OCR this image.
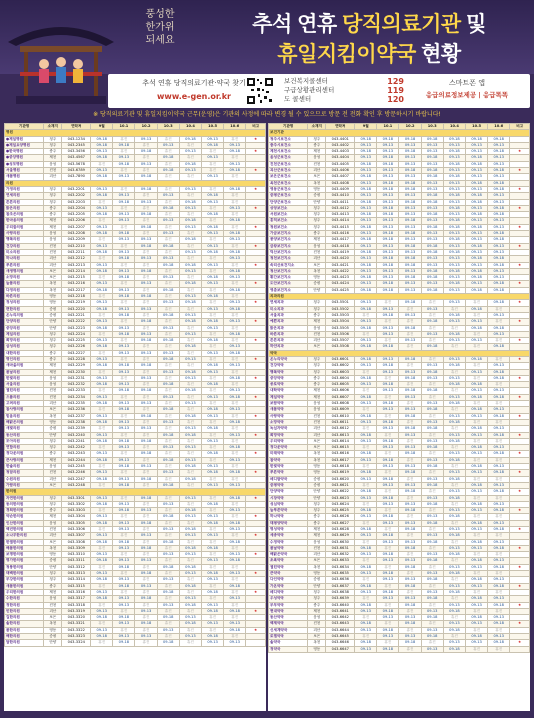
풍성한
한가위
되세요
추석 연휴 당직의료기관 및
휴일지킴이약국 현황
추석 연휴 당직의료기관·약국 찾기
www.e-gen.or.kr
보건복지콜센터	129
구급상황관리센터	119
도 콜센터	120
스마트폰 앱
응급의료정보제공 | 응급똑똑
※ 당직의료기관 및 휴일지킴이약국 근무(운영)은 기관의 사정에 따라 변경 될 수 있으므로 방문 전 전화 확인 후 방문하시기 바랍니다!
기관명	소재지	연락처	9월	10.1	10.2	10.3	10.4	10.5	10.6	비고
병원										
●제일병원	청주	043-1234	09-18	휴진	09-13	휴진	09-18	09-13	휴진	★
●제일요양병원	청주	043-2345	09-18	09-18	휴진	09-13	휴진	09-18	09-13	
●한국병원	충주	043-3456	09-13	휴진	09-18	휴진	09-13	휴진	09-18	★
●중앙병원	제천	043-4567	09-18	09-13	휴진	09-18	휴진	09-13	휴진	
●성모병원	음성	043-5678	휴진	09-18	09-13	휴진	09-18	휴진	09-13	
서울병원	진천	043-6789	09-13	휴진	휴진	09-18	09-13	휴진	09-18	★
새봄병원	괴산	043-7890	09-18	09-13	09-18	휴진	휴진	09-13	휴진	
의원										
가정의원	청주	043-2201	09-13	휴진	09-18	휴진	09-13	휴진	09-18	★
연세의원	청주	043-2202	09-18	09-13	휴진	09-13	휴진	09-18	휴진	
튼튼의원	청주	043-2203	휴진	09-18	09-13	휴진	09-18	09-13	휴진	
밝은의원	충주	043-2204	09-13	휴진	휴진	09-18	09-13	휴진	09-13	★
참조은의원	충주	043-2205	09-18	09-13	09-18	휴진	휴진	09-18	휴진	
한마음의원	제천	043-2206	휴진	09-13	휴진	09-13	09-18	휴진	09-18	
우리들의원	제천	043-2207	09-13	휴진	09-18	휴진	09-13	09-18	휴진	★
사랑의원	음성	043-2208	09-18	09-18	휴진	09-13	휴진	09-13	09-18	
행복의원	음성	043-2209	휴진	09-13	09-13	휴진	09-18	휴진	09-13	
건강의원	진천	043-2210	09-13	휴진	09-18	09-18	휴진	09-13	휴진	★
미소의원	진천	043-2211	09-18	09-13	휴진	휴진	09-13	09-18	09-18	
하나의원	괴산	043-2212	휴진	09-18	09-13	09-13	휴진	휴진	09-13	
푸른의원	괴산	043-2213	09-13	휴진	휴진	09-18	09-18	09-13	휴진	★
새생명의원	보은	043-2214	09-18	09-13	09-18	휴진	09-13	휴진	09-18	
소망의원	보은	043-2215	휴진	09-18	휴진	09-13	휴진	09-18	09-13	
늘봄의원	옥천	043-2216	09-13	휴진	09-13	휴진	09-18	09-13	휴진	★
다정의원	옥천	043-2217	09-18	09-13	휴진	09-18	휴진	휴진	09-18	
바른의원	영동	043-2218	휴진	09-18	09-18	휴진	09-13	09-18	휴진	
정성의원	영동	043-2219	09-13	휴진	휴진	09-13	09-18	휴진	09-13	★
편한의원	증평	043-2220	09-18	09-13	09-13	휴진	휴진	09-13	09-18	
온누리의원	증평	043-2221	휴진	09-18	휴진	09-18	09-13	휴진	휴진	
단양의원	단양	043-2222	09-13	휴진	09-18	휴진	09-18	09-18	09-13	★
중앙의원	단양	043-2223	09-18	09-13	휴진	09-13	휴진	09-13	휴진	
제일의원	청주	043-2224	휴진	09-18	09-13	휴진	09-13	휴진	09-18	
희망의원	청주	043-2225	09-13	휴진	09-18	09-18	휴진	09-18	휴진	★
삼성의원	청주	043-2226	09-18	09-13	휴진	휴진	09-18	휴진	09-13	
대한의원	충주	043-2227	휴진	09-13	09-13	09-13	휴진	09-13	09-18	
명인의원	충주	043-2228	09-13	휴진	휴진	09-18	09-13	휴진	휴진	★
새마을의원	제천	043-2229	09-18	09-18	09-18	휴진	휴진	09-18	09-13	
봄날의원	제천	043-2230	휴진	09-13	휴진	09-13	09-18	09-13	휴진	
한빛의원	음성	043-2231	09-13	휴진	09-13	휴진	09-13	휴진	09-18	★
서울의원	음성	043-2232	09-18	09-13	휴진	09-18	휴진	09-18	휴진	
열린의원	진천	043-2233	휴진	09-18	09-18	휴진	09-18	휴진	09-13	
으뜸의원	진천	043-2234	09-13	휴진	휴진	09-13	휴진	09-13	09-18	★
고려의원	괴산	043-2235	09-18	09-13	09-13	휴진	09-13	휴진	휴진	
참사랑의원	보은	043-2236	휴진	09-18	휴진	09-18	휴진	09-18	09-13	
믿음의원	옥천	043-2237	09-13	휴진	09-18	휴진	09-18	09-13	휴진	★
해맑은의원	영동	043-2238	09-18	09-13	휴진	09-13	휴진	휴진	09-18	
새빛의원	증평	043-2239	휴진	09-13	09-13	휴진	09-13	09-18	휴진	
동산의원	단양	043-2240	09-13	휴진	휴진	09-18	09-18	휴진	09-13	★
모아의원	청주	043-2241	09-18	09-18	09-18	휴진	휴진	09-13	휴진	
연합의원	청주	043-2242	휴진	09-13	휴진	09-13	09-13	휴진	09-18	
정다운의원	충주	043-2243	09-13	휴진	09-18	휴진	휴진	09-18	휴진	★
큰사랑의원	제천	043-2244	09-18	09-13	휴진	09-18	09-13	휴진	09-13	
한솔의원	음성	043-2245	휴진	09-18	09-13	휴진	09-18	09-13	휴진	
청담의원	진천	043-2246	09-13	휴진	휴진	09-13	휴진	09-18	09-18	★
수원의원	괴산	043-2247	09-18	09-13	09-18	휴진	09-18	휴진	휴진	
가람의원	보은	043-2248	휴진	09-18	휴진	09-18	휴진	09-13	09-13	
한의원										
자연한의원	청주	043-3301	09-13	휴진	09-18	휴진	09-13	휴진	09-18	★
동의한의원	청주	043-3302	09-18	09-13	휴진	09-13	휴진	09-18	휴진	
경희한의원	충주	043-3303	휴진	09-18	09-13	휴진	09-18	휴진	09-13	
약손한의원	제천	043-3304	09-13	휴진	휴진	09-18	09-13	09-13	휴진	★
인산한의원	음성	043-3305	09-18	09-13	09-18	휴진	휴진	09-18	09-18	
백년한의원	진천	043-3306	휴진	09-13	휴진	09-13	09-18	휴진	09-13	
소나무한의원	괴산	043-3307	09-13	휴진	09-13	휴진	09-13	09-13	휴진	★
한결한의원	보은	043-3308	09-18	09-18	휴진	09-18	휴진	휴진	09-18	
해봄한의원	옥천	043-3309	휴진	09-13	09-18	휴진	09-18	09-18	휴진	
보명한의원	영동	043-3310	09-13	휴진	휴진	09-13	09-13	휴진	09-13	★
명가한의원	증평	043-3311	09-18	09-13	09-13	휴진	휴진	09-13	09-18	
청풍한의원	단양	043-3312	휴진	09-18	휴진	09-18	09-18	휴진	휴진	
태백한의원	청주	043-3313	09-13	휴진	09-18	휴진	09-13	09-18	09-13	★
부강한의원	청주	043-3314	09-18	09-13	휴진	09-13	휴진	09-13	휴진	
새봄한의원	충주	043-3315	휴진	09-18	09-13	휴진	09-18	휴진	09-18	
우리한의원	제천	043-3316	09-13	휴진	휴진	09-18	휴진	09-18	휴진	★
수한의원	음성	043-3317	09-18	09-13	09-18	휴진	09-13	휴진	09-13	
정한의원	진천	043-3318	휴진	09-13	휴진	09-13	09-18	09-13	휴진	
민한의원	괴산	043-3319	09-13	휴진	09-13	휴진	휴진	09-18	09-18	★
길한의원	보은	043-3320	09-18	09-18	휴진	09-18	09-13	휴진	휴진	
솔한의원	옥천	043-3321	휴진	09-13	09-18	휴진	09-18	09-13	09-13	
봄한의원	영동	043-3322	09-13	휴진	휴진	09-13	휴진	휴진	09-18	★
해한의원	증평	043-3323	09-18	09-13	09-13	휴진	09-13	09-18	휴진	
달한의원	단양	043-3324	휴진	09-18	휴진	09-18	휴진	09-13	09-13	
기관명	소재지	연락처	9월	10.1	10.2	10.3	10.4	10.5	10.6	비고
보건기관										
청주시보건소	청주	043-4401	09-18	09-18	09-18	09-18	09-18	09-18	09-18	
충주시보건소	충주	043-4402	09-13	09-13	09-13	09-13	09-13	09-13	09-13	
제천시보건소	제천	043-4403	09-18	09-13	09-18	09-13	09-18	09-13	09-18	★
음성군보건소	음성	043-4404	09-13	09-18	09-13	09-18	09-13	09-18	09-13	
진천군보건소	진천	043-4405	09-18	09-18	09-13	09-13	09-18	09-18	09-13	
괴산군보건소	괴산	043-4406	09-13	09-13	09-18	09-18	09-13	09-13	09-18	★
보은군보건소	보은	043-4407	09-18	09-13	09-13	09-18	09-18	09-13	09-13	
옥천군보건소	옥천	043-4408	09-13	09-18	09-18	09-13	09-13	09-18	09-18	
영동군보건소	영동	043-4409	09-18	09-18	09-18	09-13	09-13	09-13	09-18	★
증평군보건소	증평	043-4410	09-13	09-13	09-13	09-18	09-18	09-18	09-13	
단양군보건소	단양	043-4411	09-18	09-13	09-18	09-18	09-13	09-18	09-13	
상당보건소	청주	043-4412	09-13	09-18	09-13	09-13	09-18	09-13	09-18	★
서원보건소	청주	043-4413	09-18	09-18	09-13	09-18	09-13	09-18	09-18	
흥덕보건소	청주	043-4414	09-13	09-13	09-18	09-13	09-18	09-13	09-13	
청원보건소	청주	043-4415	09-18	09-13	09-13	09-18	09-18	09-18	09-13	★
가금보건지소	충주	043-4416	09-13	09-18	09-18	09-13	09-13	09-13	09-18	
봉양보건지소	제천	043-4417	09-18	09-18	09-13	09-13	09-18	09-13	09-18	
금왕보건지소	음성	043-4418	09-13	09-13	09-18	09-18	09-13	09-18	09-13	★
덕산보건지소	진천	043-4419	09-18	09-13	09-13	09-18	09-18	09-13	09-13	
청천보건지소	괴산	043-4420	09-13	09-18	09-18	09-13	09-13	09-18	09-18	
속리산보건지소	보은	043-4421	09-18	09-18	09-18	09-13	09-13	09-13	09-18	★
청산보건지소	옥천	043-4422	09-13	09-13	09-13	09-18	09-18	09-18	09-13	
황간보건지소	영동	043-4423	09-18	09-13	09-18	09-18	09-13	09-18	09-13	
도안보건지소	증평	043-4424	09-13	09-18	09-13	09-13	09-18	09-13	09-18	★
영춘보건지소	단양	043-4425	09-18	09-18	09-13	09-18	09-13	09-18	09-18	
치과의원										
연세치과	청주	043-5501	09-13	휴진	09-18	휴진	09-13	휴진	09-18	★
미소치과	청주	043-5502	09-18	09-13	휴진	09-13	휴진	09-18	휴진	
서울치과	충주	043-5503	휴진	09-18	09-13	휴진	09-18	휴진	09-13	
예쁜치과	제천	043-5504	09-13	휴진	휴진	09-18	09-13	09-13	휴진	★
밝은치과	음성	043-5505	09-18	09-13	09-18	휴진	휴진	09-18	09-18	
바른치과	진천	043-5506	휴진	09-13	휴진	09-13	09-18	휴진	09-13	
튼튼치과	괴산	043-5507	09-13	휴진	09-13	휴진	09-13	09-13	휴진	★
하얀치과	보은	043-5508	09-18	09-18	휴진	09-18	휴진	휴진	09-18	
약국										
온누리약국	청주	043-6601	09-18	09-13	09-18	휴진	09-13	09-18	휴진	★
건강약국	청주	043-6602	09-13	09-18	휴진	09-13	09-18	휴진	09-13	
행복약국	청주	043-6603	휴진	09-13	09-13	09-18	휴진	09-13	09-18	
중앙약국	충주	043-6604	09-18	휴진	09-18	09-13	09-13	휴진	09-18	★
종로약국	충주	043-6605	09-13	09-18	휴진	휴진	09-18	09-18	휴진	
대학약국	제천	043-6606	휴진	09-13	09-18	09-18	휴진	09-13	09-13	
제일약국	제천	043-6607	09-18	휴진	09-13	휴진	09-13	09-18	09-18	★
보람약국	음성	043-6608	09-13	09-18	휴진	09-13	09-18	휴진	휴진	
새봄약국	음성	043-6609	휴진	09-13	09-13	09-18	휴진	09-18	09-13	
사랑약국	진천	043-6610	09-18	휴진	09-18	휴진	09-13	09-13	09-18	★
소망약국	진천	043-6611	09-13	09-18	휴진	09-13	09-18	휴진	휴진	
녹십자약국	괴산	043-6612	휴진	09-13	09-18	09-18	휴진	09-18	09-13	
희망약국	괴산	043-6613	09-18	휴진	09-13	휴진	09-13	09-13	09-18	★
우리약국	보은	043-6614	09-13	09-18	휴진	09-13	09-18	휴진	휴진	
정다운약국	보은	043-6615	휴진	09-13	09-13	09-18	휴진	09-18	09-13	
미래약국	옥천	043-6616	09-18	휴진	09-18	휴진	09-13	09-13	09-18	★
참약국	옥천	043-6617	09-13	09-18	휴진	09-13	09-18	휴진	휴진	
한빛약국	영동	043-6618	휴진	09-13	09-13	09-18	휴진	09-18	09-13	
푸른약국	영동	043-6619	09-18	휴진	09-18	휴진	09-13	09-13	09-18	★
메디팜약국	증평	043-6620	09-13	09-18	휴진	09-13	09-18	휴진	휴진	
증평약국	증평	043-6621	휴진	09-13	09-13	09-18	휴진	09-18	09-13	
단양약국	단양	043-6622	09-18	휴진	09-18	휴진	09-13	09-13	09-18	★
시장약국	단양	043-6623	09-13	09-18	휴진	09-13	09-18	휴진	휴진	
성심약국	청주	043-6624	휴진	09-13	09-13	09-18	휴진	09-18	09-13	
늘푸른약국	청주	043-6625	09-18	휴진	09-18	휴진	09-13	09-13	09-18	★
하나약국	충주	043-6626	09-13	09-18	휴진	09-13	09-18	휴진	휴진	
태평양약국	충주	043-6627	휴진	09-13	09-13	09-18	휴진	09-18	09-13	
명성약국	제천	043-6628	09-18	휴진	09-18	휴진	09-13	09-13	09-18	★
세종약국	제천	043-6629	09-13	09-18	휴진	09-13	09-18	휴진	휴진	
수정약국	음성	043-6630	휴진	09-13	09-13	09-18	휴진	09-18	09-13	
봄날약국	진천	043-6631	09-18	휴진	09-18	휴진	09-13	09-13	09-18	★
해맑은약국	괴산	043-6632	09-13	09-18	휴진	09-13	09-18	휴진	휴진	
초록약국	보은	043-6633	휴진	09-13	09-13	09-18	휴진	09-18	09-13	
열린약국	옥천	043-6634	09-18	휴진	09-18	휴진	09-13	09-13	09-18	★
큰약국	영동	043-6635	09-13	09-18	휴진	09-13	09-18	휴진	휴진	
다인약국	증평	043-6636	휴진	09-13	09-13	09-18	휴진	09-18	09-13	
가온약국	단양	043-6637	09-18	휴진	09-18	휴진	09-13	09-13	09-18	★
메디약국	청주	043-6638	09-13	09-18	휴진	09-13	09-18	휴진	휴진	
우성약국	청주	043-6639	휴진	09-13	09-13	09-18	휴진	09-18	09-13	
부부약국	충주	043-6640	09-18	휴진	09-18	휴진	09-13	09-13	09-18	★
현대약국	제천	043-6641	09-13	09-18	휴진	09-13	09-18	휴진	휴진	
동산약국	음성	043-6642	휴진	09-13	09-13	09-18	휴진	09-18	09-13	
백제약국	진천	043-6643	09-18	휴진	09-18	휴진	09-13	09-13	09-18	★
신세계약국	괴산	043-6644	09-13	09-18	휴진	09-13	09-18	휴진	휴진	
로뎀약국	보은	043-6645	휴진	09-13	09-13	09-18	휴진	09-18	09-13	
솔약국	옥천	043-6646	09-18	휴진	09-18	휴진	09-13	09-13	09-18	★
정약국	영동	043-6647	09-13	09-18	휴진	09-13	09-18	휴진	휴진	
JNM NEWS
